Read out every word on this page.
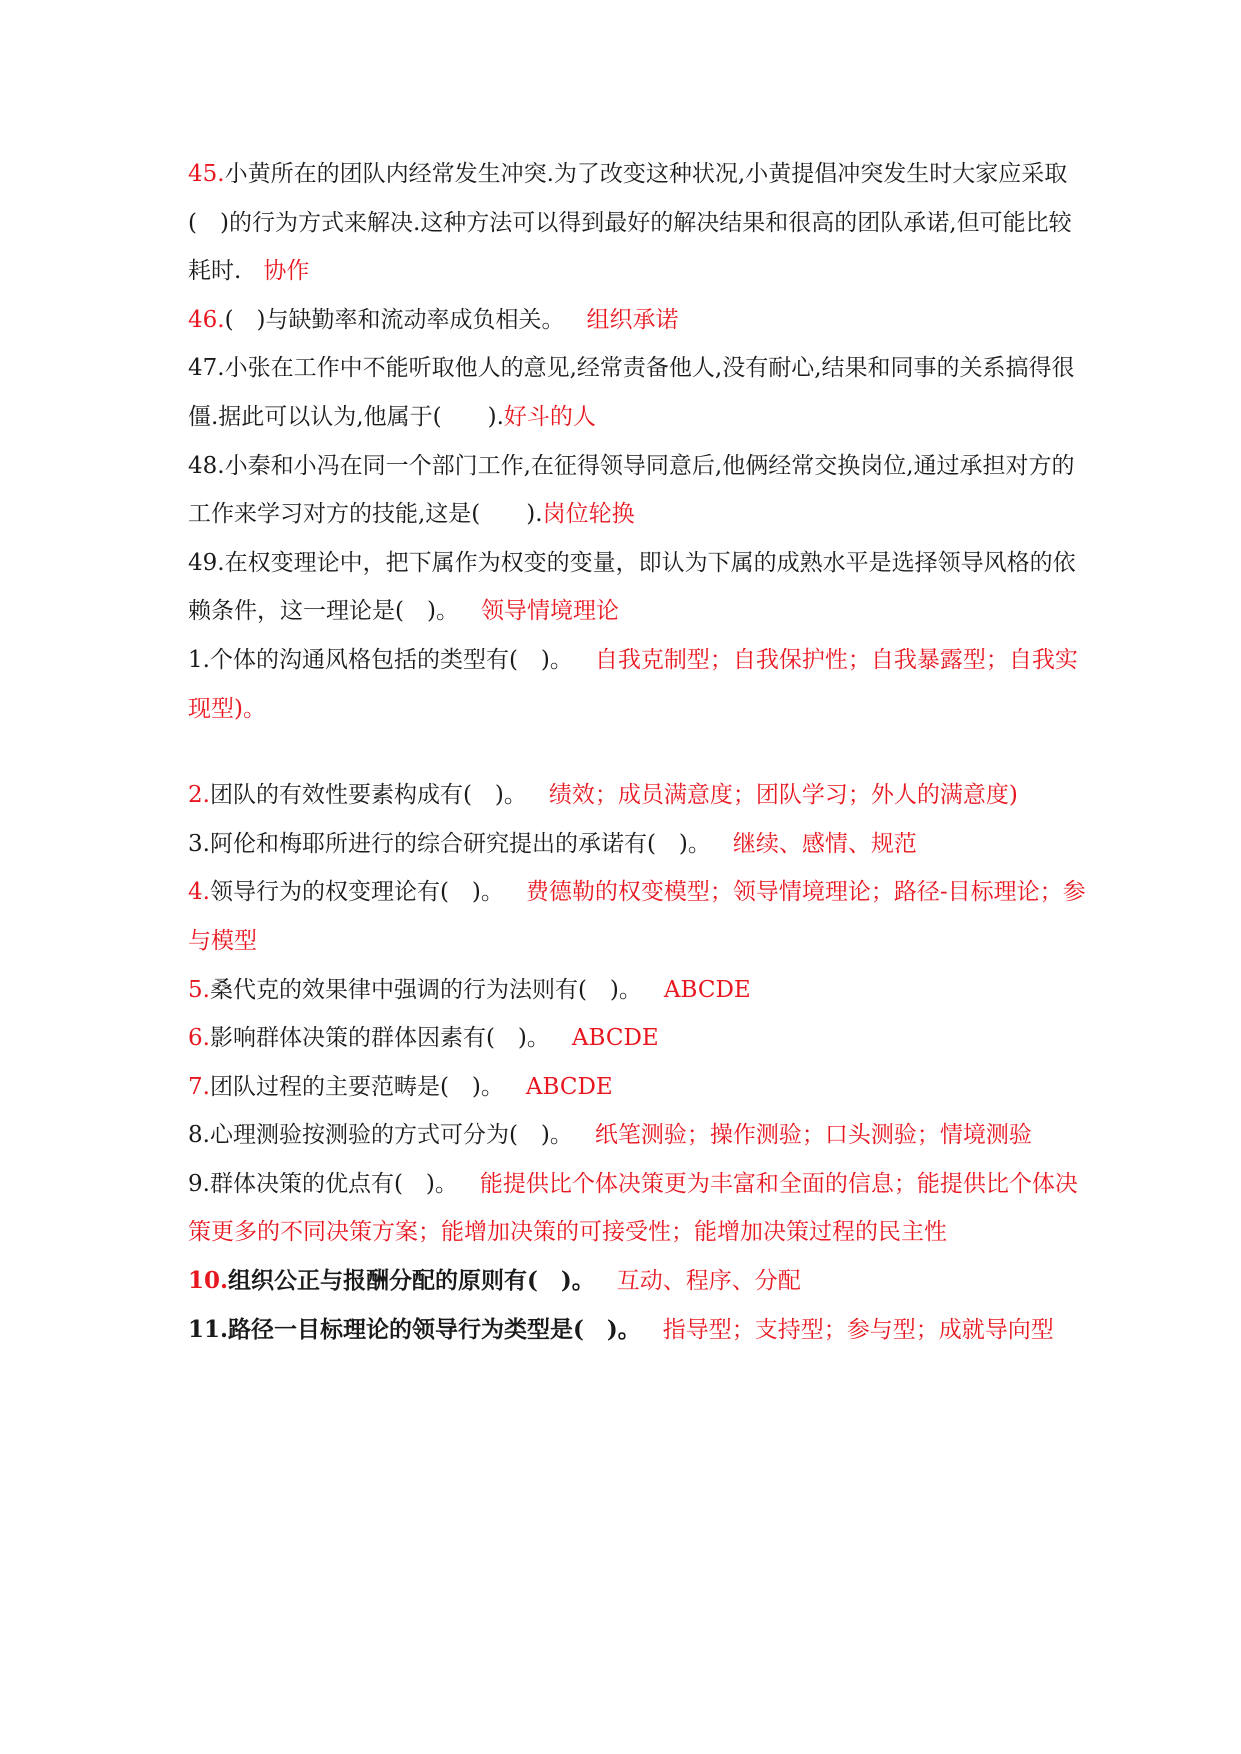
45.小黄所在的团队内经常发生冲突.为了改变这种状况,小黄提倡冲突发生时大家应采取(　)的行为方式来解决.这种方法可以得到最好的解决结果和很高的团队承诺,但可能比较耗时. 协作

46.(　)与缺勤率和流动率成负相关。 组织承诺

47.小张在工作中不能听取他人的意见,经常责备他人,没有耐心,结果和同事的关系搞得很僵.据此可以认为,他属于(　　).好斗的人

48.小秦和小冯在同一个部门工作,在征得领导同意后,他俩经常交换岗位,通过承担对方的工作来学习对方的技能,这是(　　).岗位轮换

49.在权变理论中，把下属作为权变的变量，即认为下属的成熟水平是选择领导风格的依赖条件，这一理论是(　)。 领导情境理论

1.个体的沟通风格包括的类型有(　)。 自我克制型；自我保护性；自我暴露型；自我实现型)。

2.团队的有效性要素构成有(　)。 绩效；成员满意度；团队学习；外人的满意度)

3.阿伦和梅耶所进行的综合研究提出的承诺有(　)。 继续、感情、规范

4.领导行为的权变理论有(　)。 费德勒的权变模型；领导情境理论；路径-目标理论；参与模型

5.桑代克的效果律中强调的行为法则有(　)。 ABCDE

6.影响群体决策的群体因素有(　)。 ABCDE

7.团队过程的主要范畴是(　)。 ABCDE

8.心理测验按测验的方式可分为(　)。 纸笔测验；操作测验；口头测验；情境测验

9.群体决策的优点有(　)。 能提供比个体决策更为丰富和全面的信息；能提供比个体决策更多的不同决策方案；能增加决策的可接受性；能增加决策过程的民主性

10.组织公正与报酬分配的原则有(　)。 互动、程序、分配

11.路径一目标理论的领导行为类型是(　)。 指导型；支持型；参与型；成就导向型
